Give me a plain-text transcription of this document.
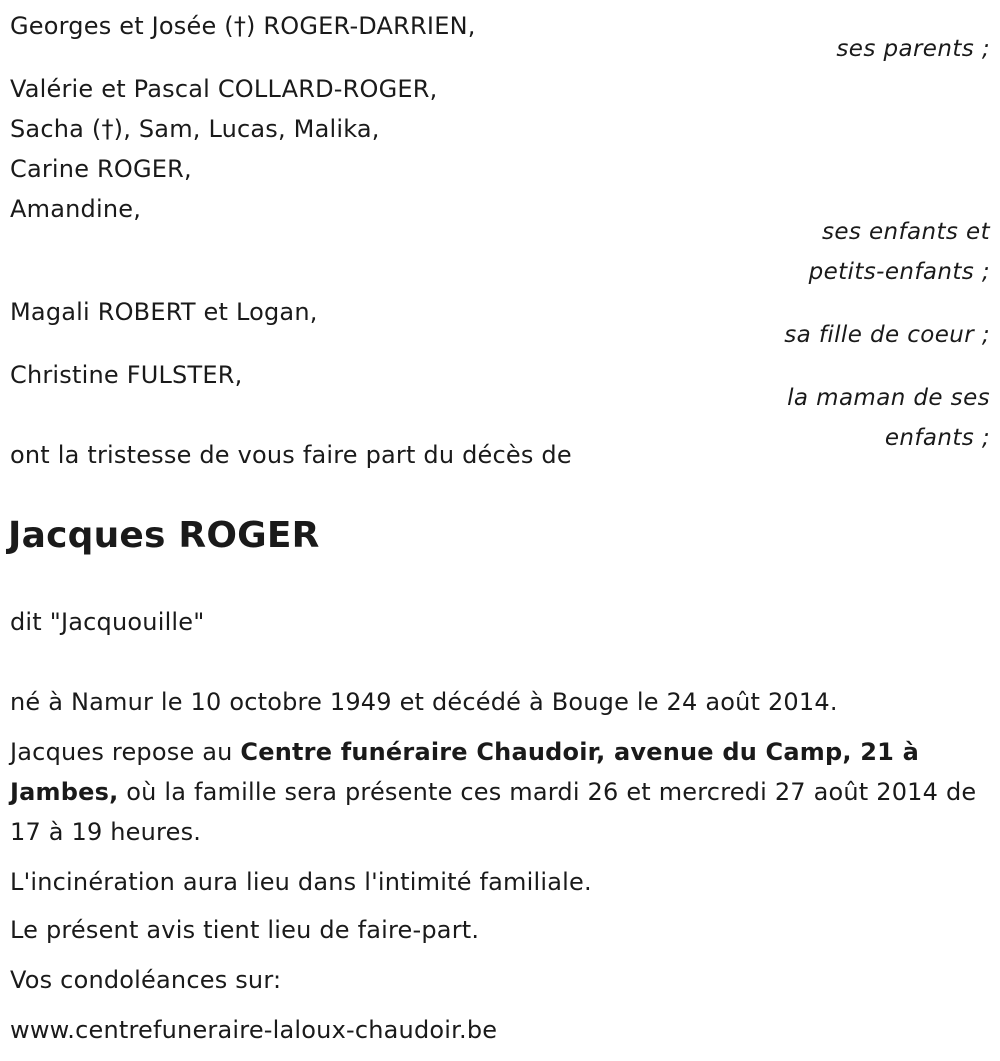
Georges et Josée (†) ROGER-DARRIEN,
ses parents ;
Valérie et Pascal COLLARD-ROGER,
Sacha (†), Sam, Lucas, Malika,
Carine ROGER,
Amandine,
ses enfants et
petits-enfants ;
Magali ROBERT et Logan,
sa fille de coeur ;
Christine FULSTER,
la maman de ses
enfants ;
ont la tristesse de vous faire part du décès de
Jacques ROGER
dit "Jacquouille"
né à Namur le 10 octobre 1949 et décédé à Bouge le 24 août 2014.
Jacques repose au Centre funéraire Chaudoir, avenue du Camp, 21 à Jambes, où la famille sera présente ces mardi 26 et mercredi 27 août 2014 de 17 à 19 heures.
L'incinération aura lieu dans l'intimité familiale.
Le présent avis tient lieu de faire-part.
Vos condoléances sur:
www.centrefuneraire-laloux-chaudoir.be
